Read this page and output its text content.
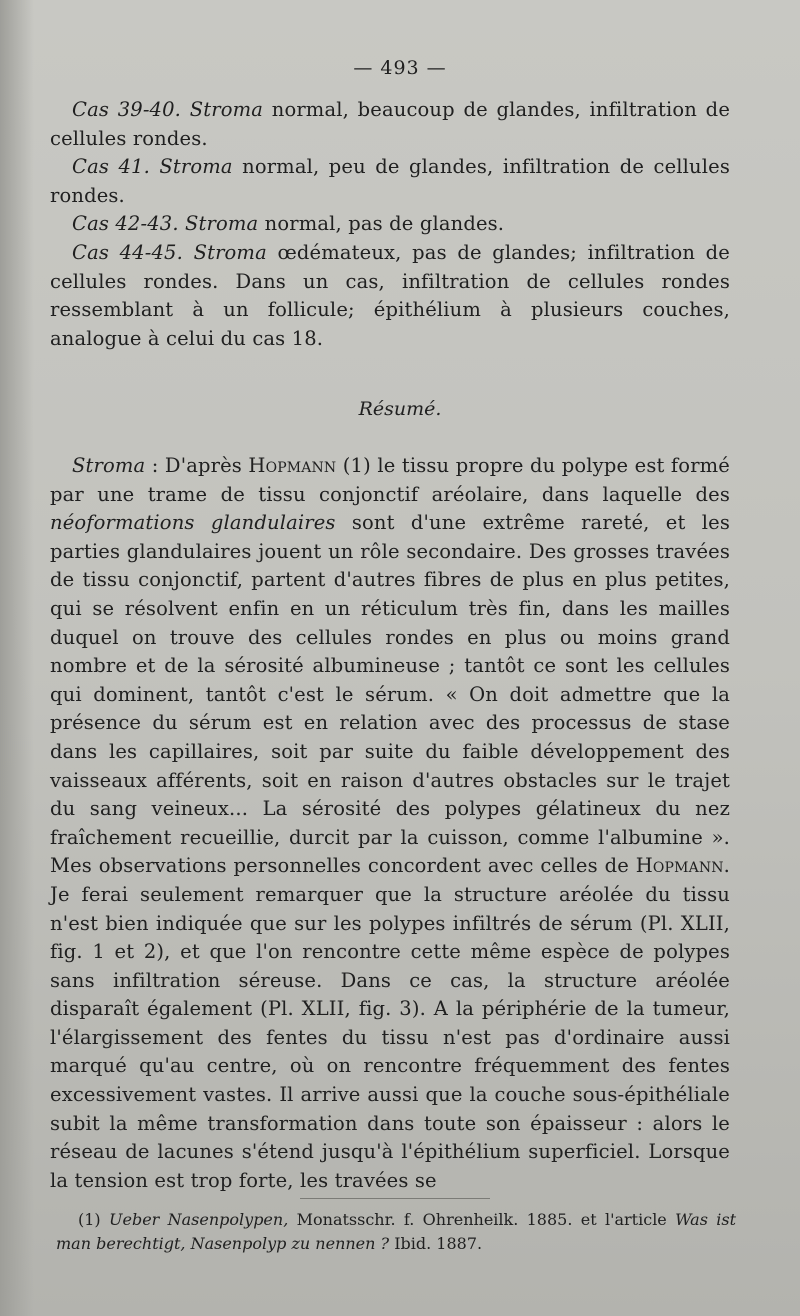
— 493 —

Cas 39-40. Stroma normal, beaucoup de glandes, infiltration de cellules rondes.

Cas 41. Stroma normal, peu de glandes, infiltration de cellules rondes.

Cas 42-43. Stroma normal, pas de glandes.

Cas 44-45. Stroma œdémateux, pas de glandes; infiltration de cellules rondes. Dans un cas, infiltration de cellules rondes ressemblant à un follicule; épithélium à plusieurs couches, analogue à celui du cas 18.

Résumé.

Stroma : D'après Hopmann (1) le tissu propre du polype est formé par une trame de tissu conjonctif aréolaire, dans laquelle des néoformations glandulaires sont d'une extrême rareté, et les parties glandulaires jouent un rôle secondaire. Des grosses travées de tissu conjonctif, partent d'autres fibres de plus en plus petites, qui se résolvent enfin en un réticulum très fin, dans les mailles duquel on trouve des cellules rondes en plus ou moins grand nombre et de la sérosité albumineuse ; tantôt ce sont les cellules qui dominent, tantôt c'est le sérum. « On doit admettre que la présence du sérum est en relation avec des processus de stase dans les capillaires, soit par suite du faible développement des vaisseaux afférents, soit en raison d'autres obstacles sur le trajet du sang veineux... La sérosité des polypes gélatineux du nez fraîchement recueillie, durcit par la cuisson, comme l'albumine ». Mes observations personnelles concordent avec celles de Hopmann. Je ferai seulement remarquer que la structure aréolée du tissu n'est bien indiquée que sur les polypes infiltrés de sérum (Pl. XLII, fig. 1 et 2), et que l'on rencontre cette même espèce de polypes sans infiltration séreuse. Dans ce cas, la structure aréolée disparaît également (Pl. XLII, fig. 3). A la périphérie de la tumeur, l'élargissement des fentes du tissu n'est pas d'ordinaire aussi marqué qu'au centre, où on rencontre fréquemment des fentes excessivement vastes. Il arrive aussi que la couche sous-épithéliale subit la même transformation dans toute son épaisseur : alors le réseau de lacunes s'étend jusqu'à l'épithélium superficiel. Lorsque la tension est trop forte, les travées se

(1) Ueber Nasenpolypen, Monatsschr. f. Ohrenheilk. 1885. et l'article Was ist man berechtigt, Nasenpolyp zu nennen ? Ibid. 1887.
